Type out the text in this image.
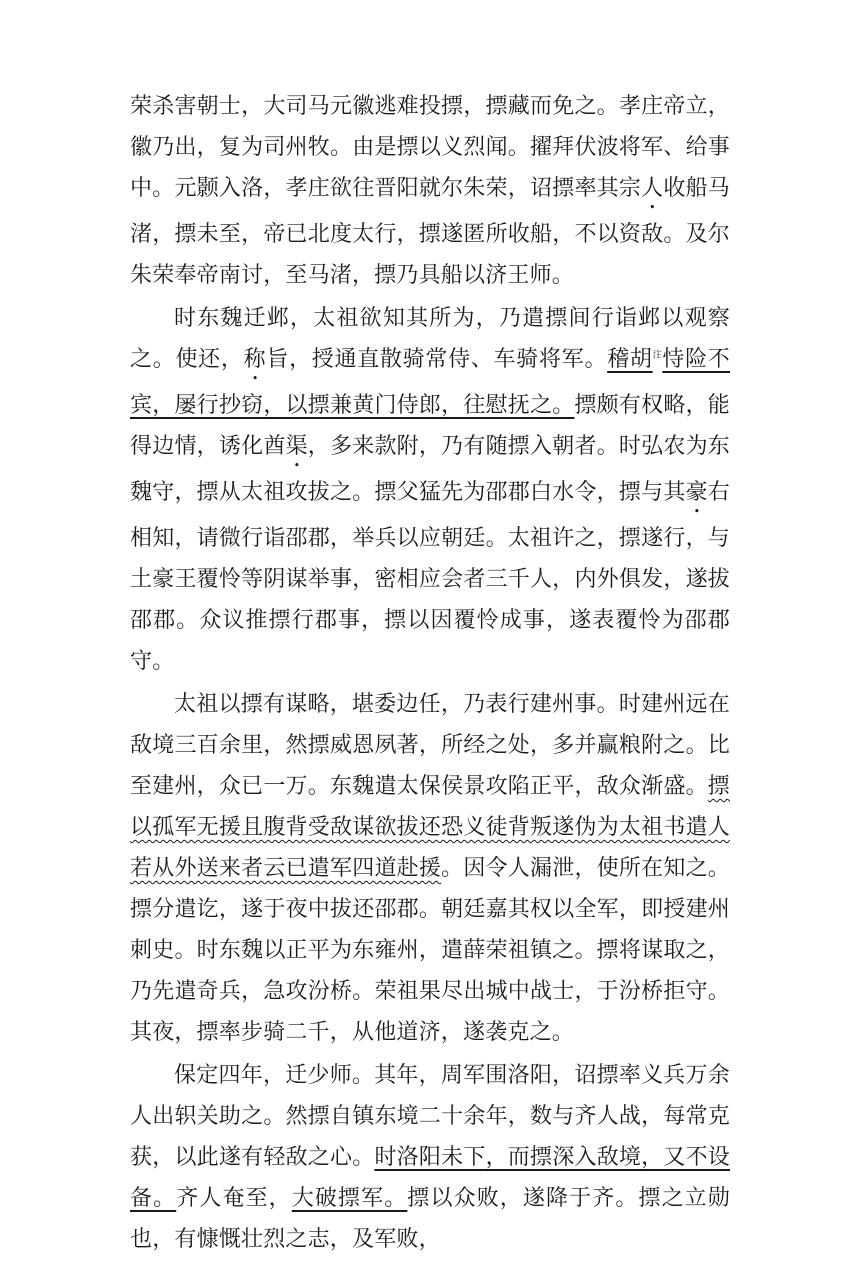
荣杀害朝士，大司马元徽逃难投摽，摽藏而免之。孝庄帝立，徽乃出，复为司州牧。由是摽以义烈闻。擢拜伏波将军、给事中。元颢入洛，孝庄欲往晋阳就尔朱荣，诏摽率其宗人收船马渚，摽未至，帝已北度太行，摽遂匿所收船，不以资敌。及尔朱荣奉帝南讨，至马渚，摽乃具船以济王师。

时东魏迁邺，太祖欲知其所为，乃遣摽间行诣邺以观察之。使还，称旨，授通直散骑常侍、车骑将军。稽胡$^注$恃险不宾，屡行抄窃，以摽兼黄门侍郎，往慰抚之。摽颇有权略，能得边情，诱化酋渠，多来款附，乃有随摽入朝者。时弘农为东魏守，摽从太祖攻拔之。摽父猛先为邵郡白水令，摽与其豪右相知，请微行诣邵郡，举兵以应朝廷。太祖许之，摽遂行，与土豪王覆怜等阴谋举事，密相应会者三千人，内外俱发，遂拔邵郡。众议推摽行郡事，摽以因覆怜成事，遂表覆怜为邵郡守。

太祖以摽有谋略，堪委边任，乃表行建州事。时建州远在敌境三百余里，然摽威恩夙著，所经之处，多并赢粮附之。比至建州，众已一万。东魏遣太保侯景攻陷正平，敌众渐盛。摽以孤军无援且腹背受敌谋欲拔还恐义徒背叛遂伪为太祖书遣人若从外送来者云已遣军四道赴援。因令人漏泄，使所在知之。摽分遣讫，遂于夜中拔还邵郡。朝廷嘉其权以全军，即授建州刺史。时东魏以正平为东雍州，遣薛荣祖镇之。摽将谋取之，乃先遣奇兵，急攻汾桥。荣祖果尽出城中战士，于汾桥拒守。其夜，摽率步骑二千，从他道济，遂袭克之。

保定四年，迁少师。其年，周军围洛阳，诏摽率义兵万余人出轵关助之。然摽自镇东境二十余年，数与齐人战，每常克获，以此遂有轻敌之心。时洛阳未下，而摽深入敌境，又不设备。齐人奄至，大破摽军。摽以众败，遂降于齐。摽之立勋也，有慷慨壮烈之志，及军败，
